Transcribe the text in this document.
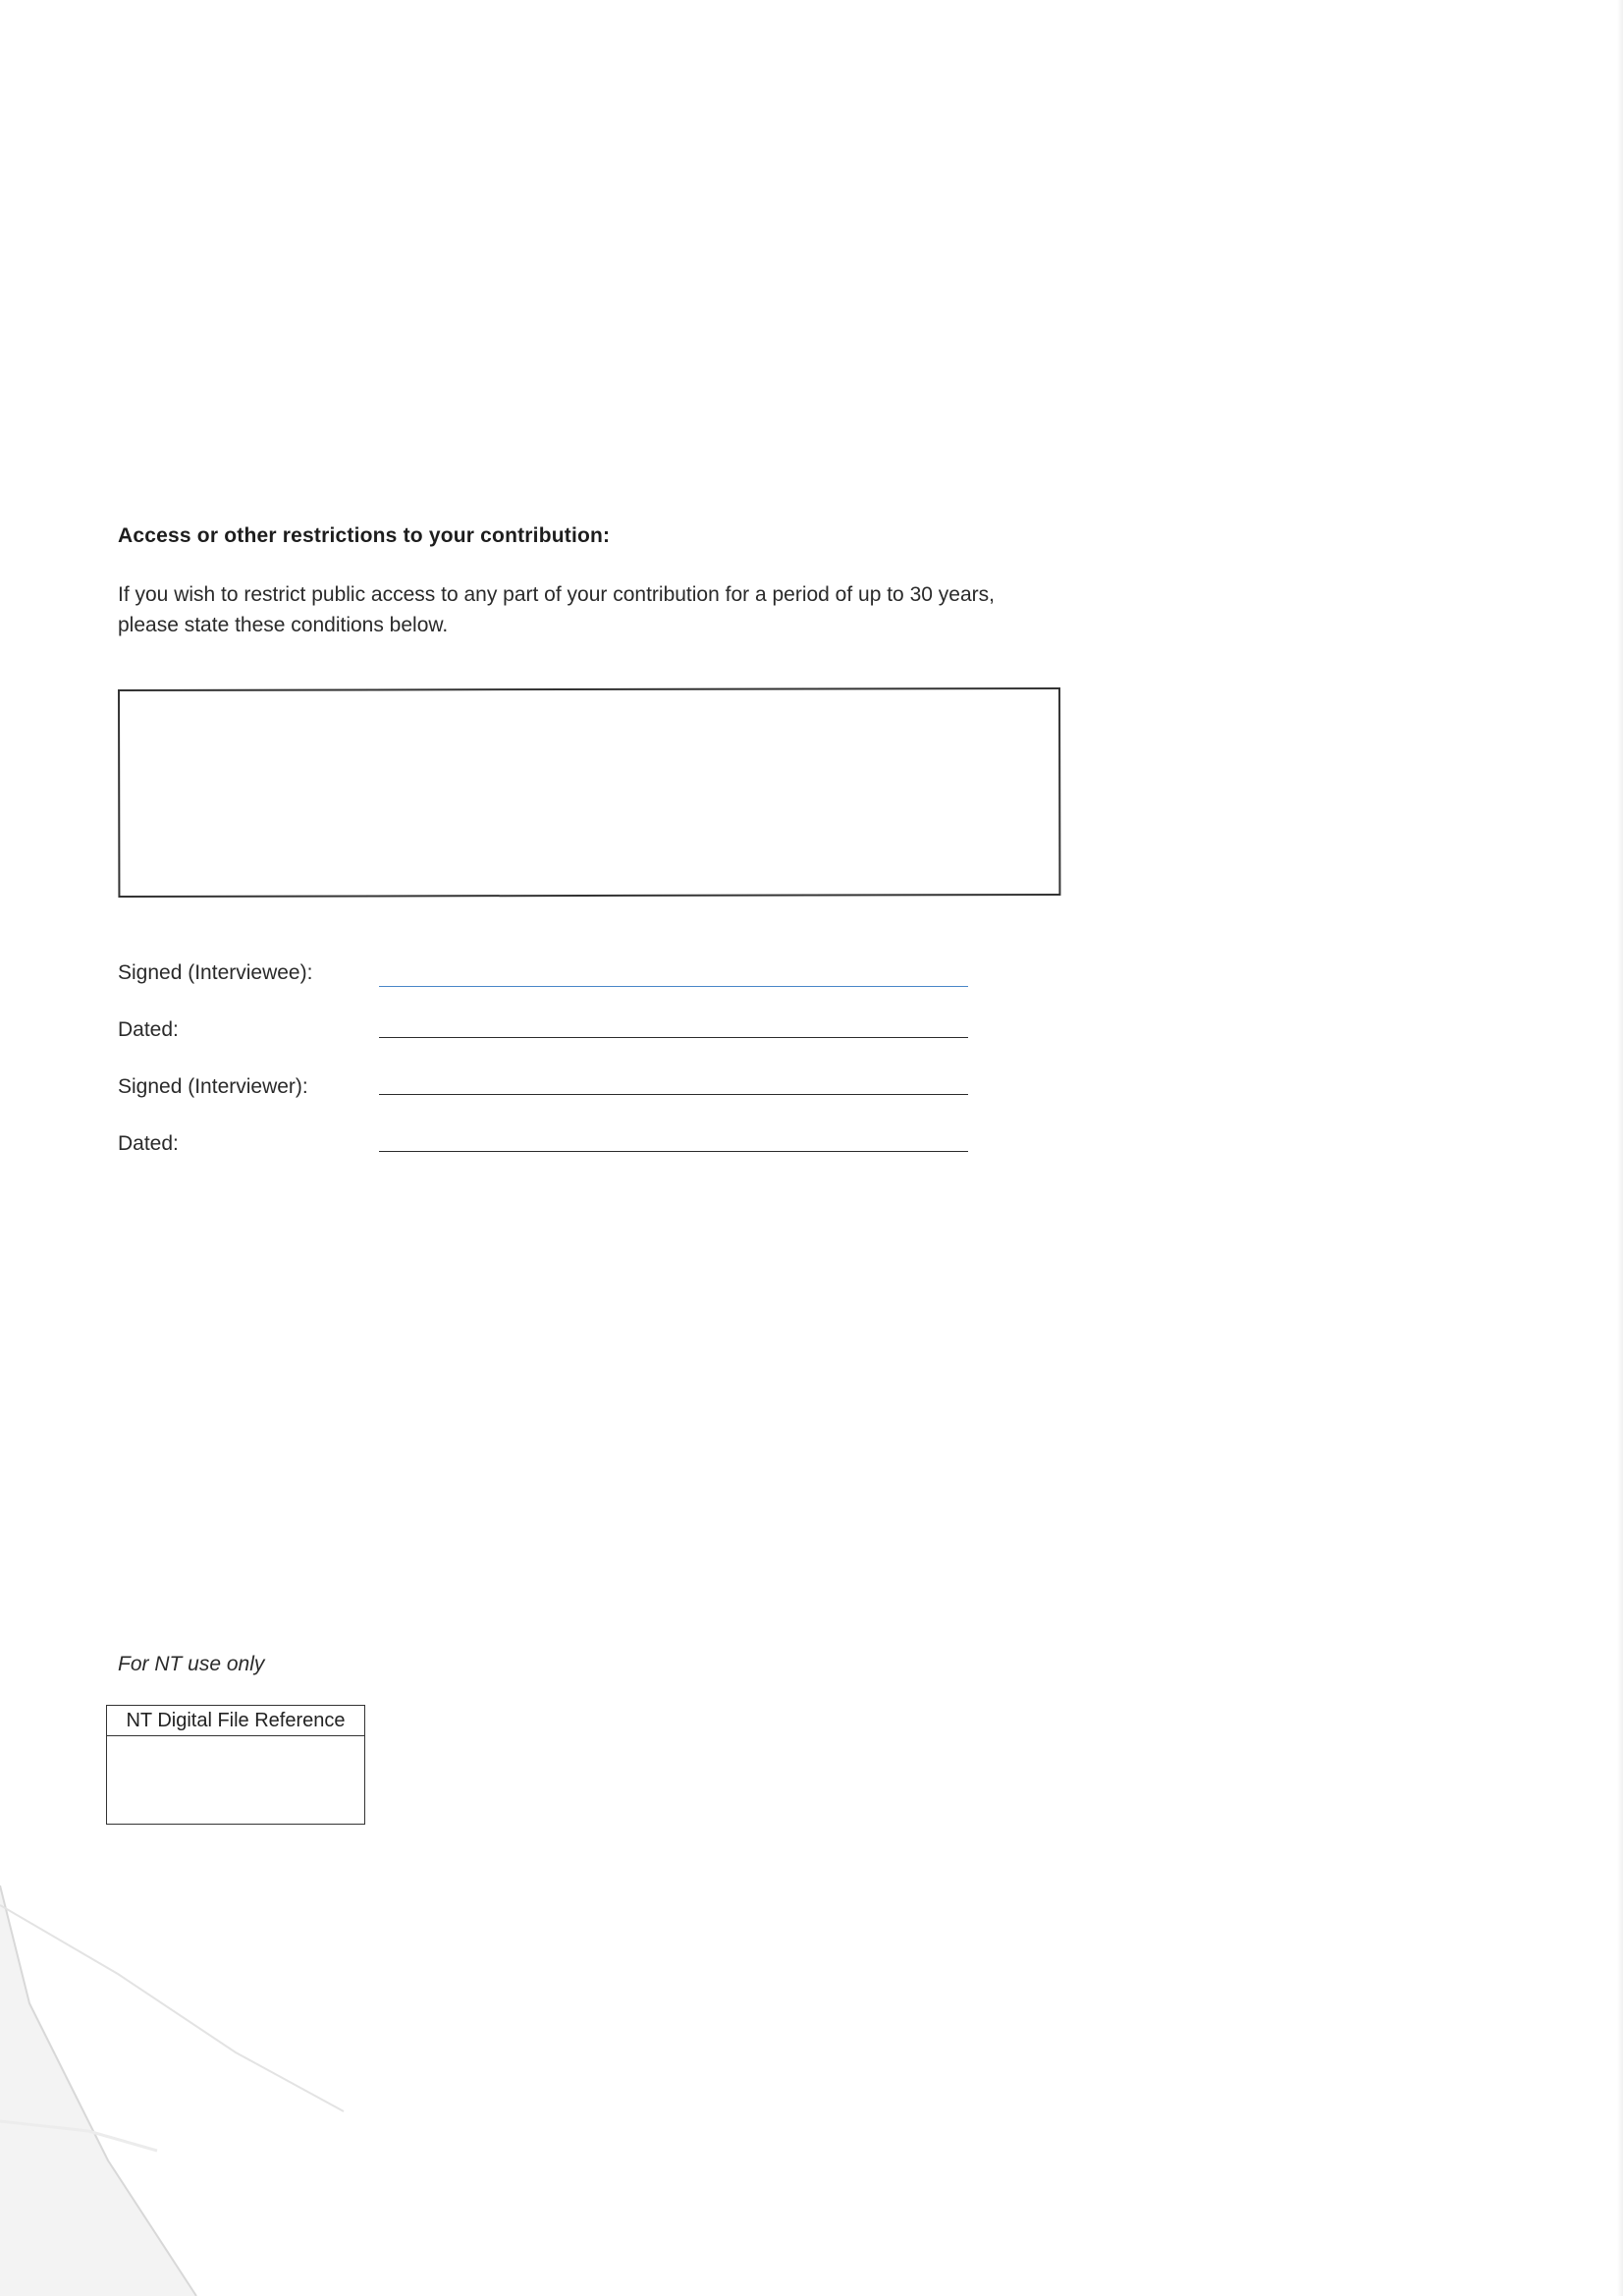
Access or other restrictions to your contribution:
If you wish to restrict public access to any part of your contribution for a period of up to 30 years,
please state these conditions below.
Signed (Interviewee):
Dated:
Signed (Interviewer):
Dated:
For NT use only
NT Digital File Reference
